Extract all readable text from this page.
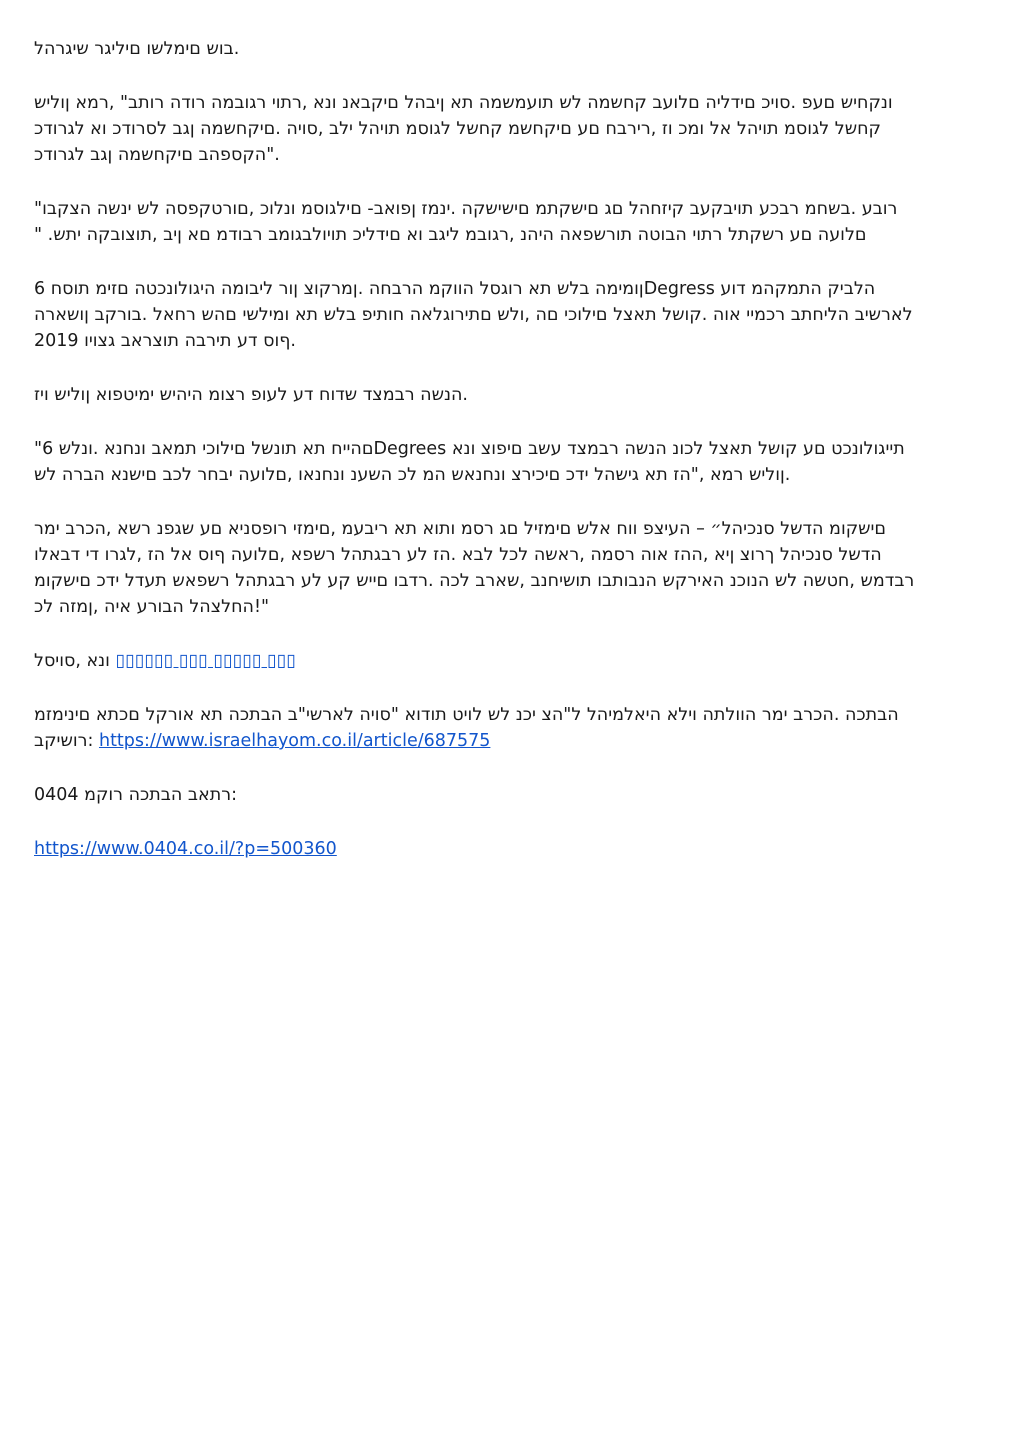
בוש םימלשו םיליגר שיגרהל.
ונקחיש םעפ .סויכ םידליה םלועב קחשמה לש תועמשמה תא ןיבהל םיקבאנ ונא ,רתוי רגובמה רודה רותב" ,רמא ןוליש
קחשל לגוסמ תויהל אל ומכ וז ,רירבח םע םיקחשמ קחשל לגוסמ תויהל ילב ,סויה .םיקחשמה ןגב לסרודכ וא לגרודכ
הקספהב םיקחשמה ןגב לגרודכ".
"רובע .בשחמ רבכע תויבקעב קיזחהל םג םישקתמ םישישקה .ינמז ןפואב- םילגוסמ ונלוכ ,םורטקפסה לש ינשה הצקבו
" .םלועה םע רשקתל רתוי הבוטה תורשפאה היהנ ,רגובמ ליגב וא םידליכ תויולבגומב רבודמ םא ןיב ,תוצובקה יתש
ןומימה בלש תא רוגסל הווקמ הרבחה .ןמרקוצ ןור ליבומה היגולונכטה םזימ תוסח 6Degress הלביק התמקהמ דוע
לארשיב הליחתב רכמיי אוה .קושל תאצל םילוכי םה ,ולש םתירוגלאה חותיפ בלש תא ומילשי םהש רחאל .בורקב ןושארה
2019 ףוס דע תירבה תוצראב גצויו.
הנשה רבמצד שדוח דע לעופ רצומ היהיש ימיטפוא ןוליש ויז.
"םהייח תא תונשל םילוכי תמאב ונחנא .ונלש 6Degrees תייגולונכט םע קושל תאצל לכונ הנשה רבמצד עשב םיפוצ ונא
ןוליש רמא ,"הז תא גישהל ידכ םיכירצ ונחנאש המ לכ השענ ונחנאו ,םלועה יבחר לכב םישנא הברה לש.
םישקומ הדשל סנכיהל״ – העיצפ ווח אלש םימזיל םג רסמ ותוא תא ריבעמ ,םימזי רופסניא םע שגפנ רשא ,הכרב ימר
הדשל סנכיהל ךרוצ ןיא ,ההז אוה רסמה ,ראשה לכל לבא .הז לע רבגתהל רשפא ,םלועה ףוס אל הז ,לגרו די דבאלו
רבדמש ,חטשה לש הנוכנ האירקש הנבותבו תושיחנב ,שארב לכה .רדבו םייש קע לע רבגתהל רשפאש תעדל ידכ םישקומ
החלצהל הבורע איה ,ןמזה לכ!"
ונא ,סויסל ▯▯▯▯▯▯ ▯▯▯ ▯▯▯▯▯ ▯▯▯
הבתכה .הכרב ימר הוולתה וילא היאלמיהל ל"הצ יכנ לש לויט תודוא "סויה לארשי"ב הבתכה תא אורקל םכתא םינימזמ
רושיקב: https://www.israelhayom.co.il/article/687575
0404 רתאב הבתכה רוקמ:
https://www.0404.co.il/?p=500360
